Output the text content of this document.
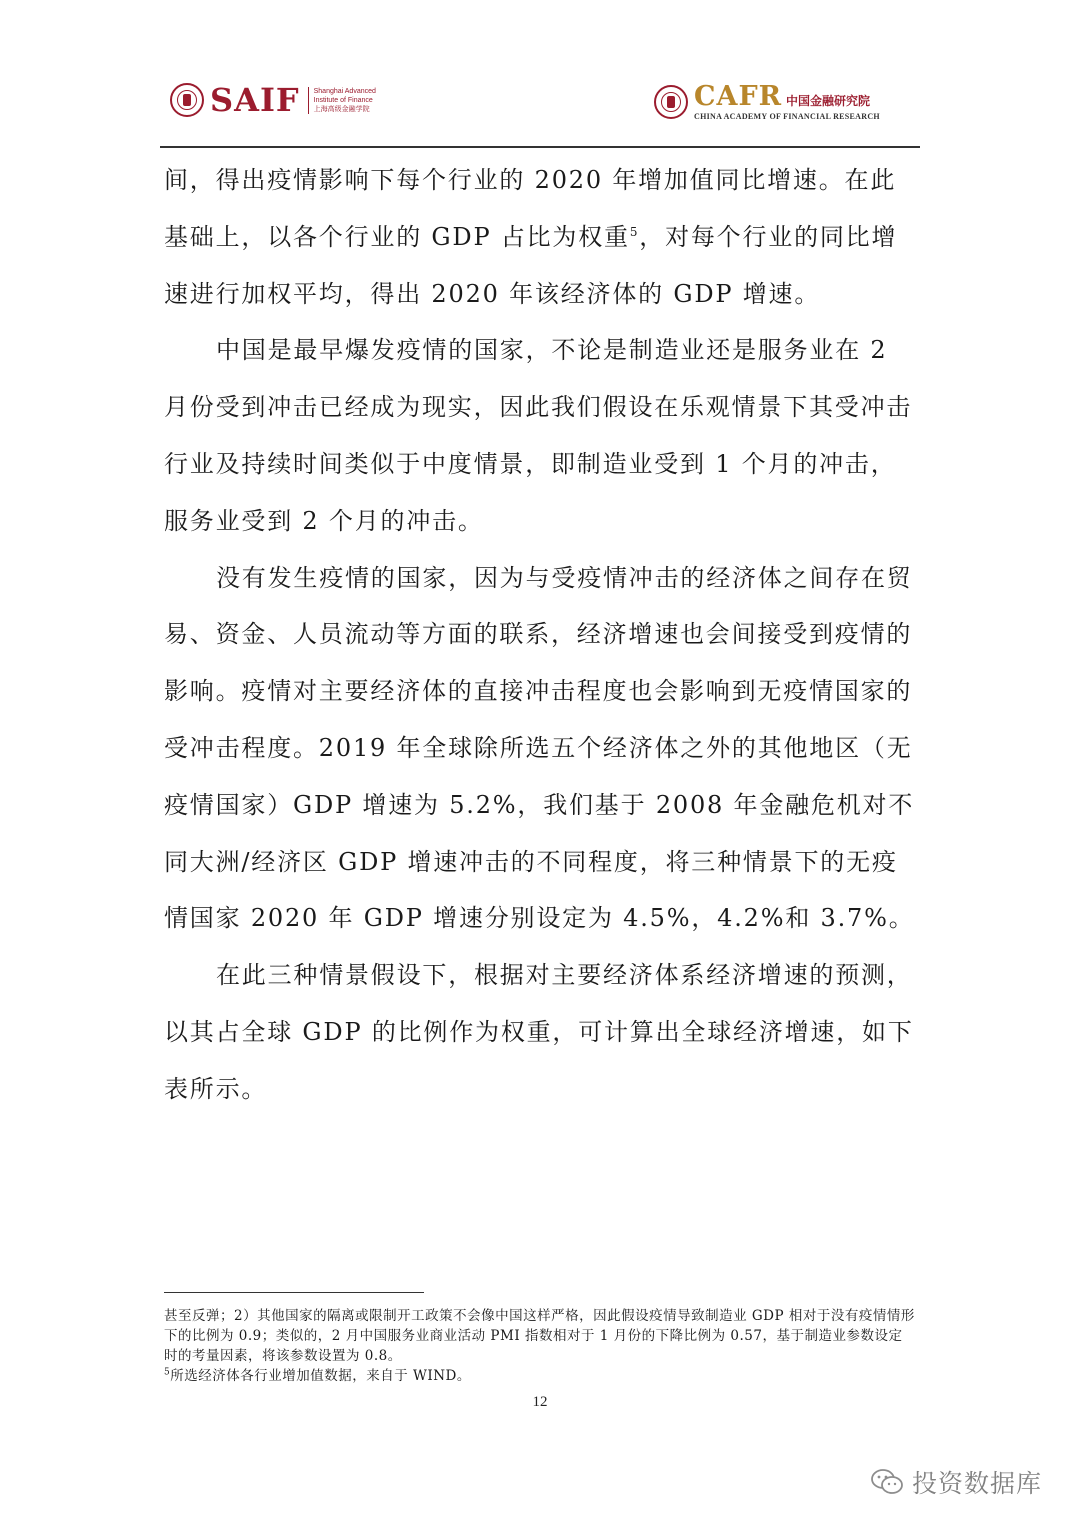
SAIF Shanghai Advanced
Institute of Finance
上海高级金融学院	CAFR 中国金融研究院
CHINA ACADEMY OF FINANCIAL RESEARCH

间，得出疫情影响下每个行业的 2020 年增加值同比增速。在此基础上，以各个行业的 GDP 占比为权重$^5$，对每个行业的同比增速进行加权平均，得出 2020 年该经济体的 GDP 增速。

中国是最早爆发疫情的国家，不论是制造业还是服务业在 2 月份受到冲击已经成为现实，因此我们假设在乐观情景下其受冲击行业及持续时间类似于中度情景，即制造业受到 1 个月的冲击，服务业受到 2 个月的冲击。

没有发生疫情的国家，因为与受疫情冲击的经济体之间存在贸易、资金、人员流动等方面的联系，经济增速也会间接受到疫情的影响。疫情对主要经济体的直接冲击程度也会影响到无疫情国家的受冲击程度。2019 年全球除所选五个经济体之外的其他地区（无疫情国家）GDP 增速为 5.2%，我们基于 2008 年金融危机对不同大洲/经济区 GDP 增速冲击的不同程度，将三种情景下的无疫情国家 2020 年 GDP 增速分别设定为 4.5%，4.2%和 3.7%。

在此三种情景假设下，根据对主要经济体系经济增速的预测，以其占全球 GDP 的比例作为权重，可计算出全球经济增速，如下表所示。

甚至反弹；2）其他国家的隔离或限制开工政策不会像中国这样严格，因此假设疫情导致制造业 GDP 相对于没有疫情情形下的比例为 0.9；类似的，2 月中国服务业商业活动 PMI 指数相对于 1 月份的下降比例为 0.57，基于制造业参数设定时的考量因素，将该参数设置为 0.8。

$^5$所选经济体各行业增加值数据，来自于 WIND。

12
投资数据库
